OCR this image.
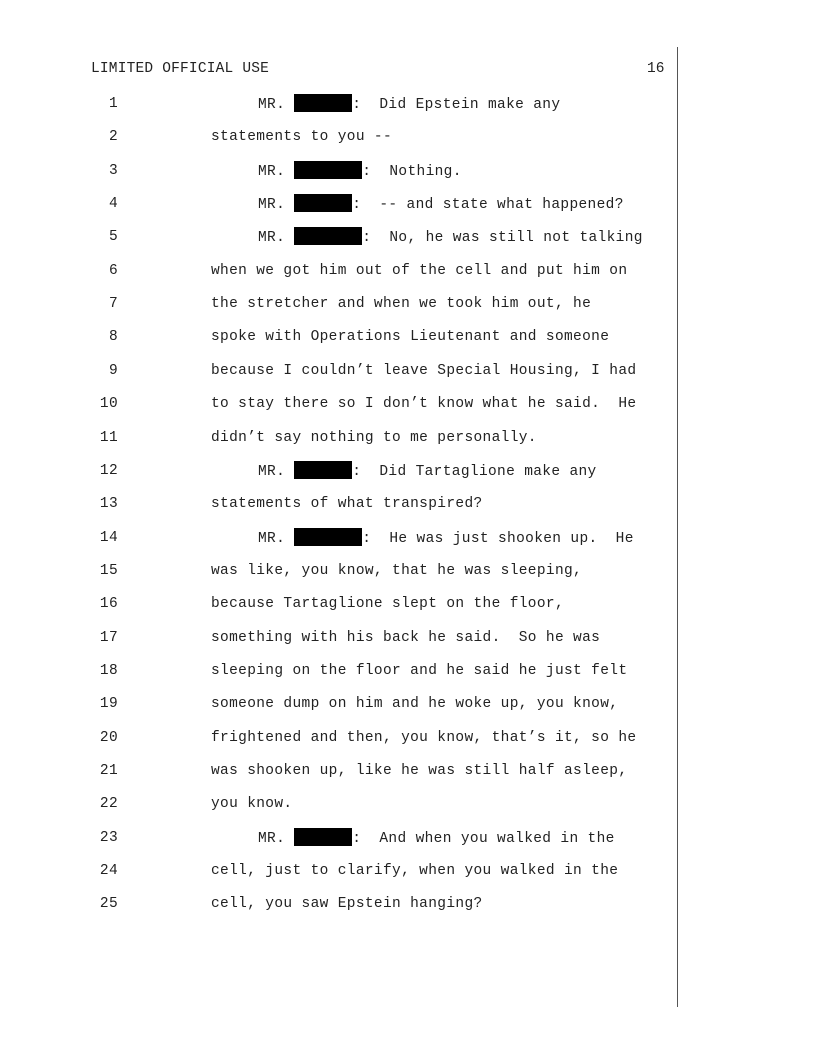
LIMITED OFFICIAL USE	16
1	MR.	:  Did Epstein make any
2	statements to you --
3	MR.	:  Nothing.
4	MR.	:  -- and state what happened?
5	MR.	:  No, he was still not talking
6	when we got him out of the cell and put him on
7	the stretcher and when we took him out, he
8	spoke with Operations Lieutenant and someone
9	because I couldn’t leave Special Housing, I had
10	to stay there so I don’t know what he said.  He
11	didn’t say nothing to me personally.
12	MR.	:  Did Tartaglione make any
13	statements of what transpired?
14	MR.	:  He was just shooken up.  He
15	was like, you know, that he was sleeping,
16	because Tartaglione slept on the floor,
17	something with his back he said.  So he was
18	sleeping on the floor and he said he just felt
19	someone dump on him and he woke up, you know,
20	frightened and then, you know, that’s it, so he
21	was shooken up, like he was still half asleep,
22	you know.
23	MR.	:  And when you walked in the
24	cell, just to clarify, when you walked in the
25	cell, you saw Epstein hanging?
